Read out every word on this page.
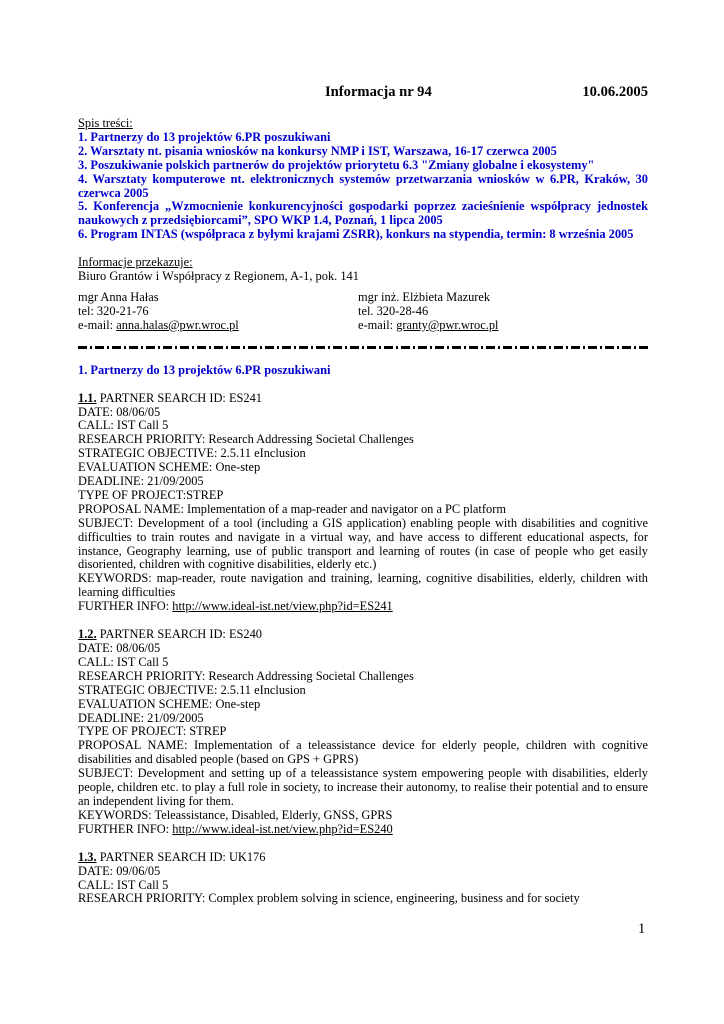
Informacja nr 94	10.06.2005
Spis treści:
1. Partnerzy do 13 projektów 6.PR poszukiwani
2. Warsztaty nt. pisania wniosków na konkursy NMP i IST, Warszawa, 16-17 czerwca 2005
3. Poszukiwanie polskich partnerów do projektów priorytetu 6.3 "Zmiany globalne i ekosystemy"
4. Warsztaty komputerowe nt. elektronicznych systemów przetwarzania wniosków w 6.PR, Kraków, 30 czerwca 2005
5. Konferencja „Wzmocnienie konkurencyjności gospodarki poprzez zacieśnienie współpracy jednostek naukowych z przedsiębiorcami”, SPO WKP 1.4, Poznań, 1 lipca 2005
6. Program INTAS (współpraca z byłymi krajami ZSRR), konkurs na stypendia, termin: 8 września 2005
Informacje przekazuje:
Biuro Grantów i Współpracy z Regionem, A-1, pok. 141
mgr Anna Hałas
tel: 320-21-76
e-mail: anna.halas@pwr.wroc.pl
mgr inż. Elżbieta Mazurek
tel. 320-28-46
e-mail: granty@pwr.wroc.pl
1. Partnerzy do 13 projektów 6.PR poszukiwani
1.1. PARTNER SEARCH ID: ES241
DATE: 08/06/05
CALL: IST Call 5
RESEARCH PRIORITY: Research Addressing Societal Challenges
STRATEGIC OBJECTIVE: 2.5.11 eInclusion
EVALUATION SCHEME: One-step
DEADLINE: 21/09/2005
TYPE OF PROJECT:STREP
PROPOSAL NAME: Implementation of a map-reader and navigator on a PC platform
SUBJECT: Development of a tool (including a GIS application) enabling people with disabilities and cognitive difficulties to train routes and navigate in a virtual way, and have access to different educational aspects, for instance, Geography learning, use of public transport and learning of routes (in case of people who get easily disoriented, children with cognitive disabilities, elderly etc.)
KEYWORDS: map-reader, route navigation and training, learning, cognitive disabilities, elderly, children with learning difficulties
FURTHER INFO: http://www.ideal-ist.net/view.php?id=ES241
1.2. PARTNER SEARCH ID: ES240
DATE: 08/06/05
CALL: IST Call 5
RESEARCH PRIORITY: Research Addressing Societal Challenges
STRATEGIC OBJECTIVE: 2.5.11 eInclusion
EVALUATION SCHEME: One-step
DEADLINE: 21/09/2005
TYPE OF PROJECT: STREP
PROPOSAL NAME: Implementation of a teleassistance device for elderly people, children with cognitive disabilities and disabled people (based on GPS + GPRS)
SUBJECT: Development and setting up of a teleassistance system empowering people with disabilities, elderly people, children etc. to play a full role in society, to increase their autonomy, to realise their potential and to ensure an independent living for them.
KEYWORDS: Teleassistance, Disabled, Elderly, GNSS, GPRS
FURTHER INFO: http://www.ideal-ist.net/view.php?id=ES240
1.3. PARTNER SEARCH ID: UK176
DATE: 09/06/05
CALL: IST Call 5
RESEARCH PRIORITY: Complex problem solving in science, engineering, business and for society
1
